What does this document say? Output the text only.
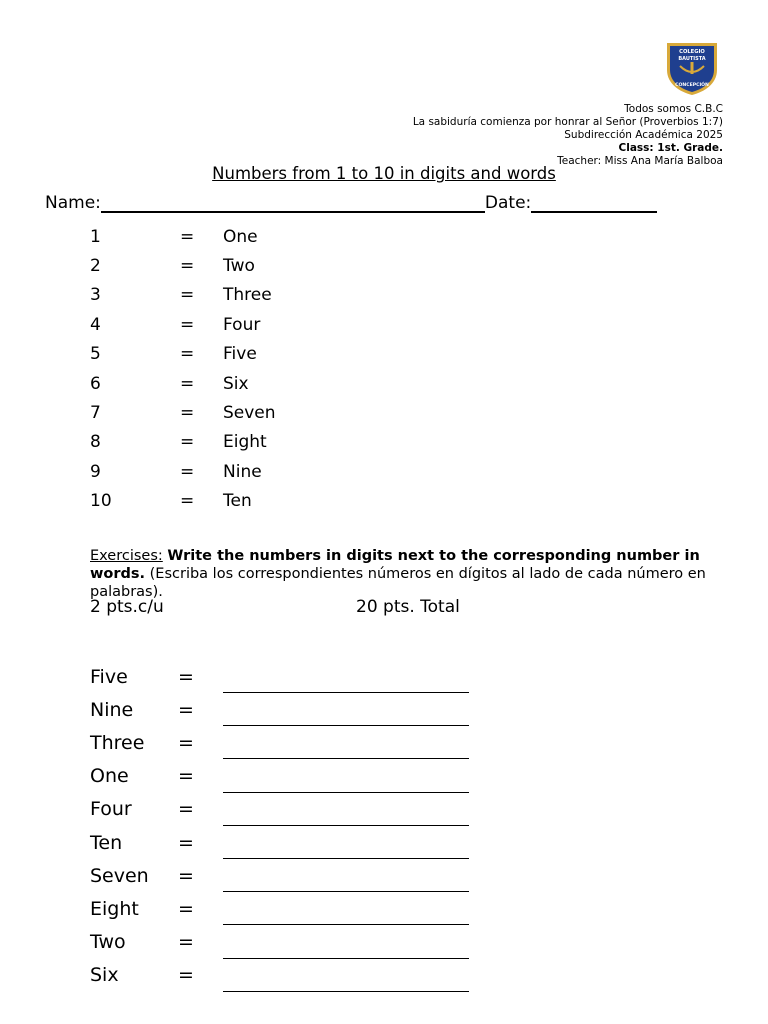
COLEGIO
BAUTISTA
CONCEPCIÓN
Todos somos C.B.C
La sabiduría comienza por honrar al Señor (Proverbios 1:7)
Subdirección Académica 2025
Class: 1st. Grade.
Teacher: Miss Ana María Balboa
Numbers from 1 to 10 in digits and words
Name:	Date:
1	=	One
2	=	Two
3	=	Three
4	=	Four
5	=	Five
6	=	Six
7	=	Seven
8	=	Eight
9	=	Nine
10	=	Ten
Exercises: Write the numbers in digits next to the corresponding number in words. (Escriba los correspondientes números en dígitos al lado de cada número en palabras).
2 pts.c/u	20 pts. Total
Five	=
Nine	=
Three	=
One	=
Four	=
Ten	=
Seven	=
Eight	=
Two	=
Six	=
